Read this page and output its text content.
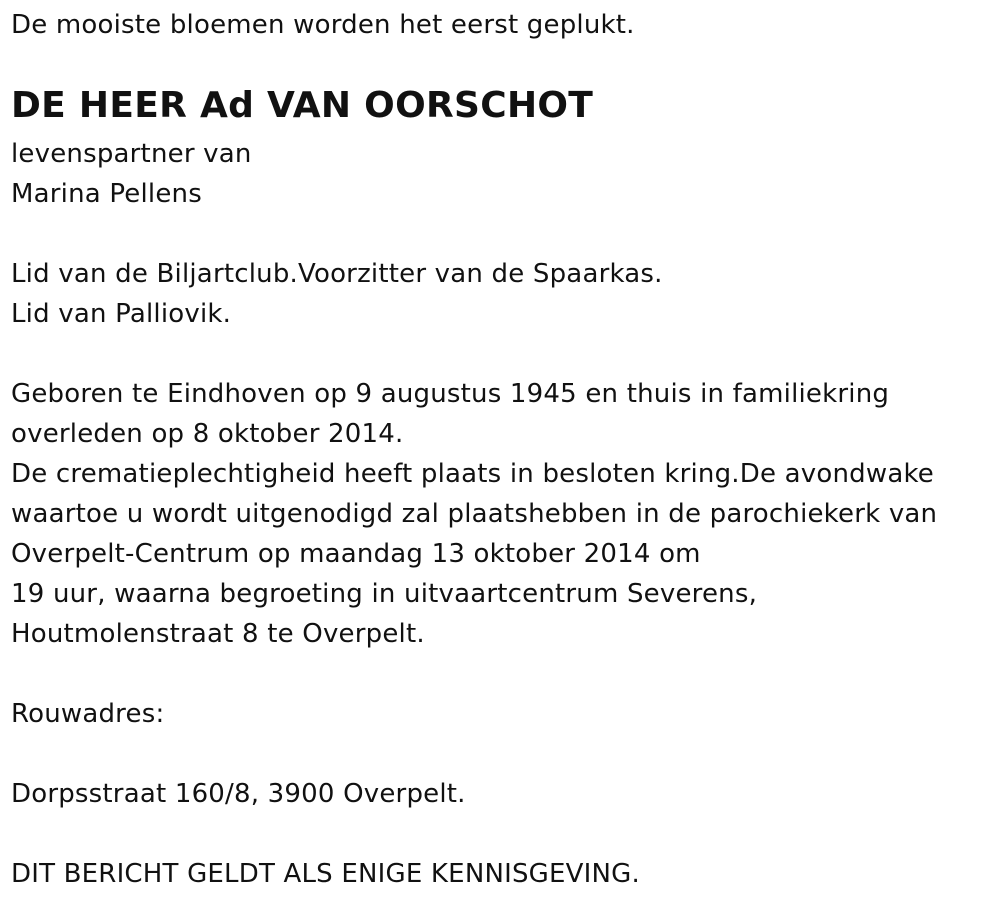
De mooiste bloemen worden het eerst geplukt.
DE HEER Ad VAN OORSCHOT
levenspartner van
Marina Pellens
Lid van de Biljartclub.Voorzitter van de Spaarkas.
Lid van Palliovik.
Geboren te Eindhoven op 9 augustus 1945 en thuis in familiekring
overleden op 8 oktober 2014.
De crematieplechtigheid heeft plaats in besloten kring.De avondwake
waartoe u wordt uitgenodigd zal plaatshebben in de parochiekerk van
Overpelt-Centrum op maandag 13 oktober 2014 om
19 uur, waarna begroeting in uitvaartcentrum Severens,
Houtmolenstraat 8 te Overpelt.
Rouwadres:
Dorpsstraat 160/8, 3900 Overpelt.
DIT BERICHT GELDT ALS ENIGE KENNISGEVING.
